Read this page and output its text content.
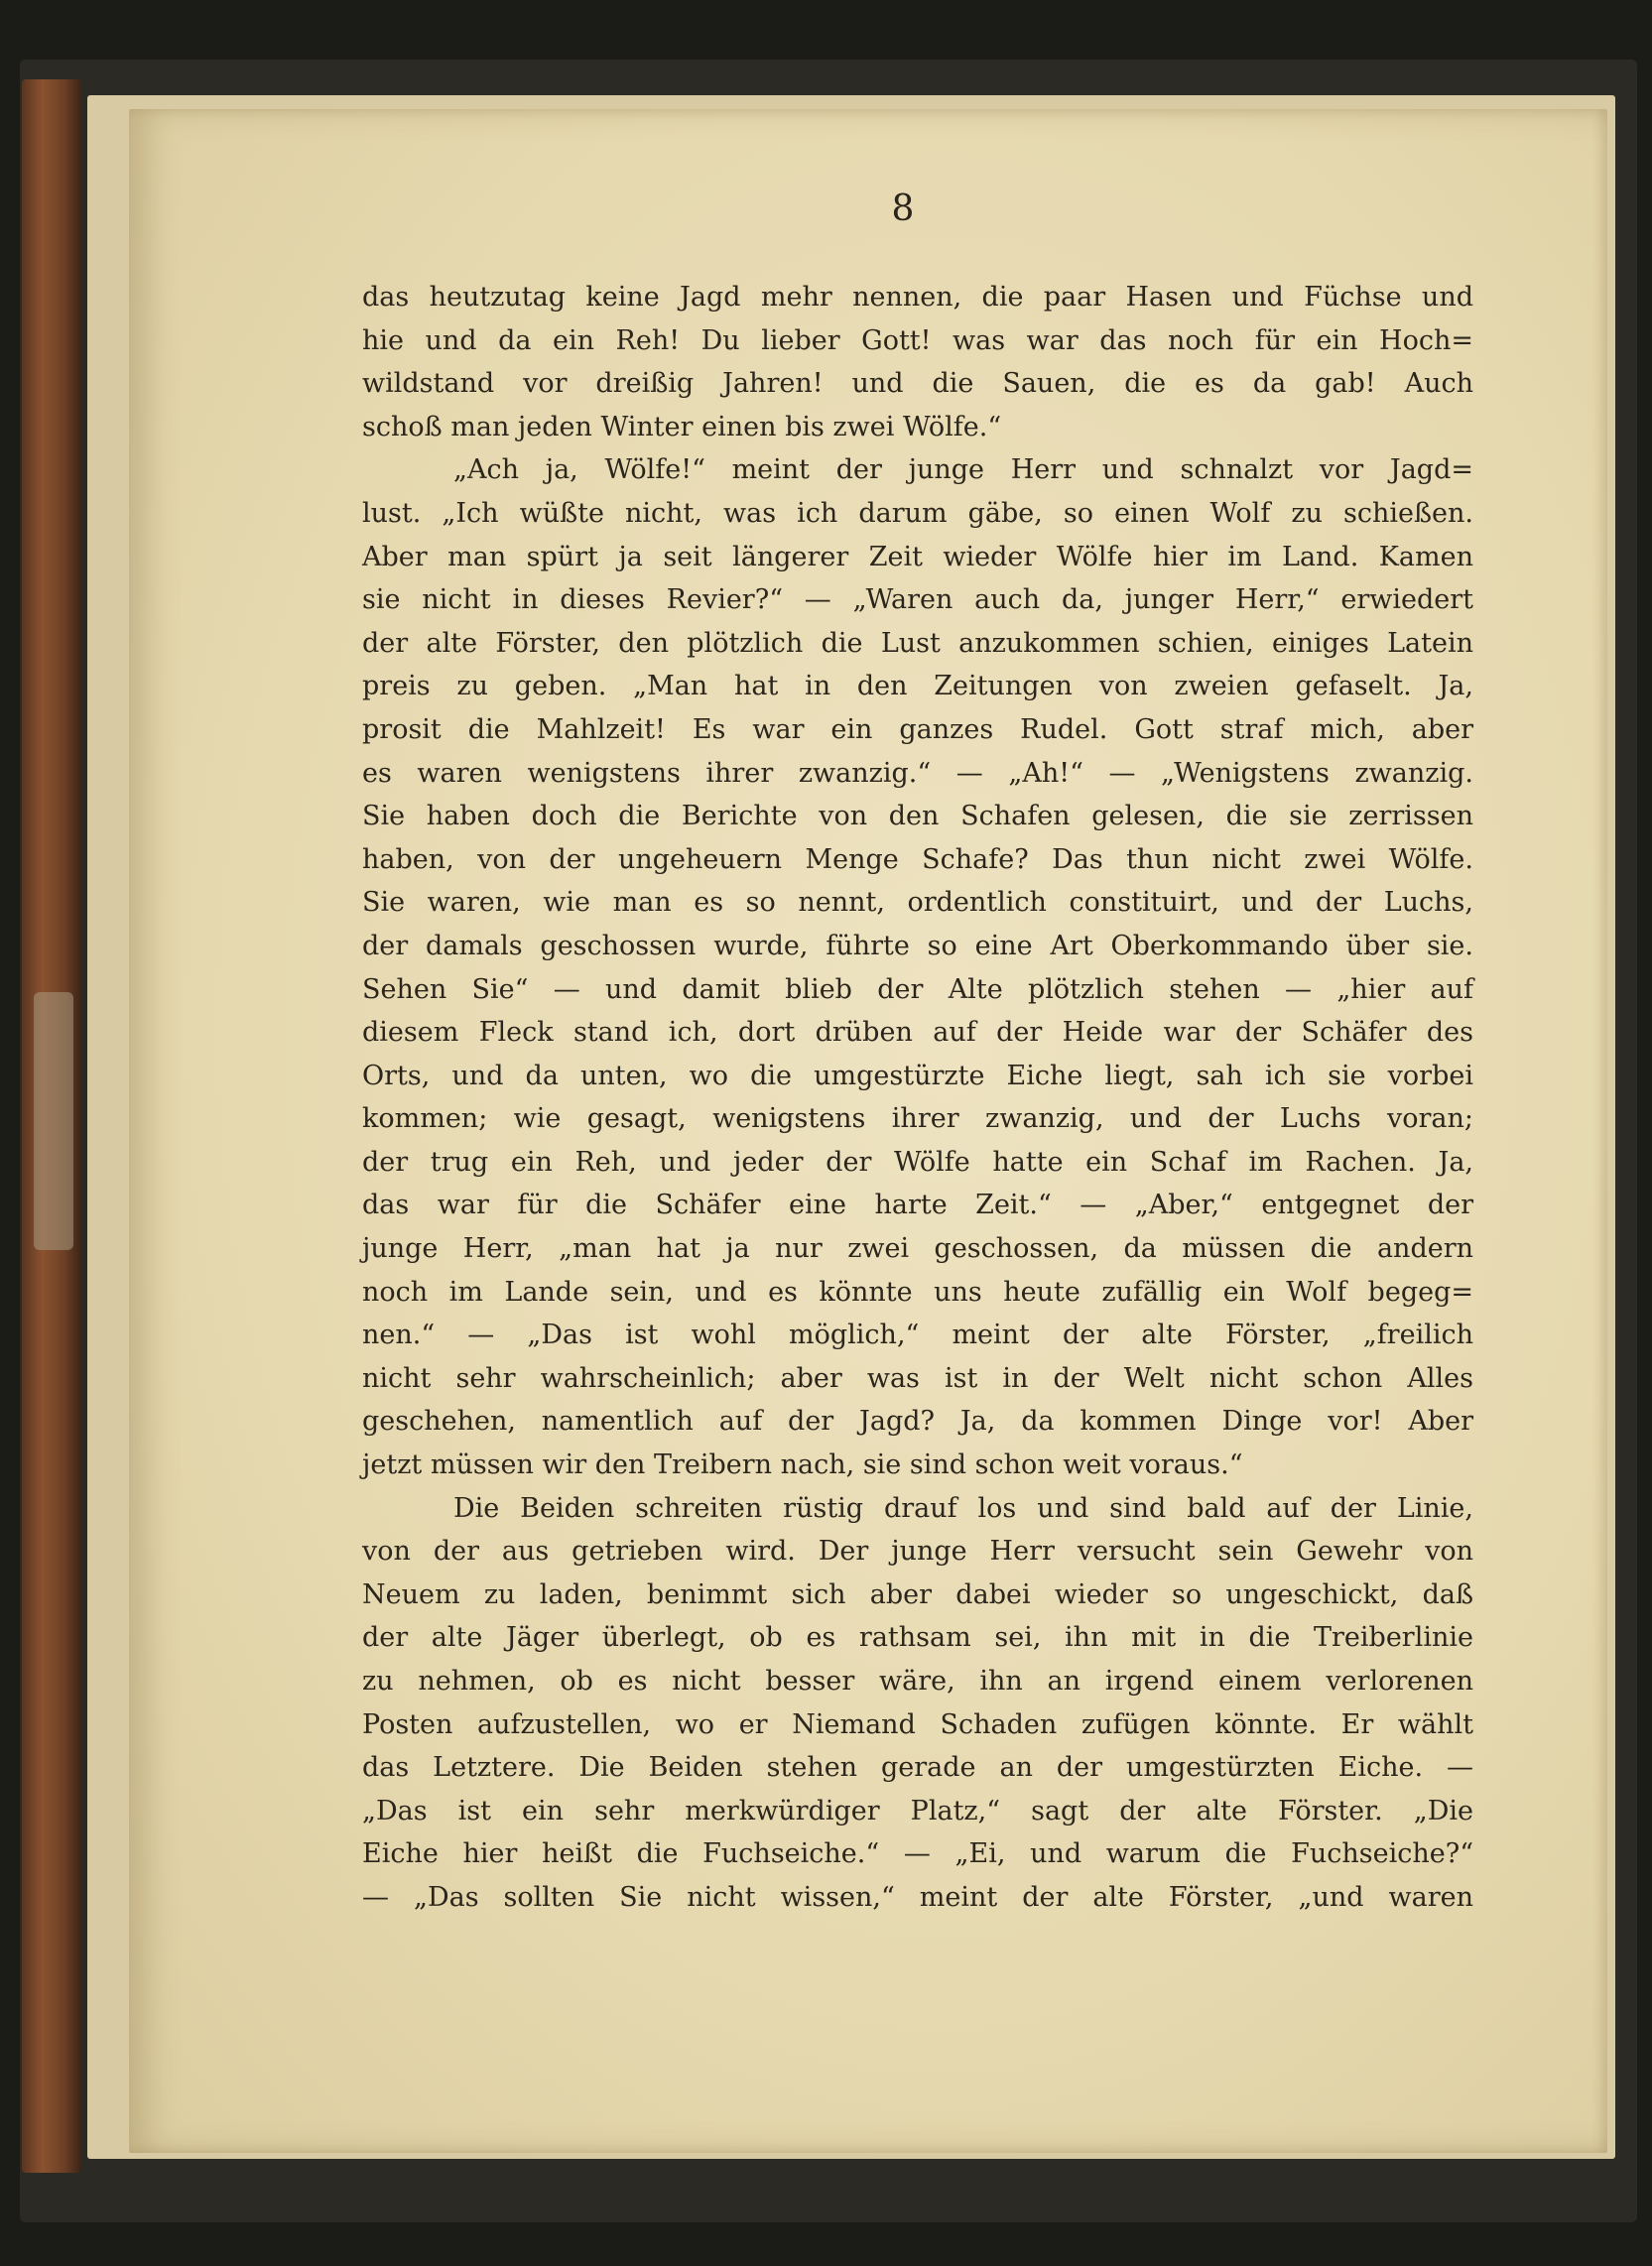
8
das heutzutag keine Jagd mehr nennen, die paar Hasen und Füchse und
hie und da ein Reh! Du lieber Gott! was war das noch für ein Hoch=
wildstand vor dreißig Jahren! und die Sauen, die es da gab! Auch
schoß man jeden Winter einen bis zwei Wölfe.“
„Ach ja, Wölfe!“ meint der junge Herr und schnalzt vor Jagd=
lust. „Ich wüßte nicht, was ich darum gäbe, so einen Wolf zu schießen.
Aber man spürt ja seit längerer Zeit wieder Wölfe hier im Land. Kamen
sie nicht in dieses Revier?“ — „Waren auch da, junger Herr,“ erwiedert
der alte Förster, den plötzlich die Lust anzukommen schien, einiges Latein
preis zu geben. „Man hat in den Zeitungen von zweien gefaselt. Ja,
prosit die Mahlzeit! Es war ein ganzes Rudel. Gott straf mich, aber
es waren wenigstens ihrer zwanzig.“ — „Ah!“ — „Wenigstens zwanzig.
Sie haben doch die Berichte von den Schafen gelesen, die sie zerrissen
haben, von der ungeheuern Menge Schafe? Das thun nicht zwei Wölfe.
Sie waren, wie man es so nennt, ordentlich constituirt, und der Luchs,
der damals geschossen wurde, führte so eine Art Oberkommando über sie.
Sehen Sie“ — und damit blieb der Alte plötzlich stehen — „hier auf
diesem Fleck stand ich, dort drüben auf der Heide war der Schäfer des
Orts, und da unten, wo die umgestürzte Eiche liegt, sah ich sie vorbei
kommen; wie gesagt, wenigstens ihrer zwanzig, und der Luchs voran;
der trug ein Reh, und jeder der Wölfe hatte ein Schaf im Rachen. Ja,
das war für die Schäfer eine harte Zeit.“ — „Aber,“ entgegnet der
junge Herr, „man hat ja nur zwei geschossen, da müssen die andern
noch im Lande sein, und es könnte uns heute zufällig ein Wolf begeg=
nen.“ — „Das ist wohl möglich,“ meint der alte Förster, „freilich
nicht sehr wahrscheinlich; aber was ist in der Welt nicht schon Alles
geschehen, namentlich auf der Jagd? Ja, da kommen Dinge vor! Aber
jetzt müssen wir den Treibern nach, sie sind schon weit voraus.“
Die Beiden schreiten rüstig drauf los und sind bald auf der Linie,
von der aus getrieben wird. Der junge Herr versucht sein Gewehr von
Neuem zu laden, benimmt sich aber dabei wieder so ungeschickt, daß
der alte Jäger überlegt, ob es rathsam sei, ihn mit in die Treiberlinie
zu nehmen, ob es nicht besser wäre, ihn an irgend einem verlorenen
Posten aufzustellen, wo er Niemand Schaden zufügen könnte. Er wählt
das Letztere. Die Beiden stehen gerade an der umgestürzten Eiche. —
„Das ist ein sehr merkwürdiger Platz,“ sagt der alte Förster. „Die
Eiche hier heißt die Fuchseiche.“ — „Ei, und warum die Fuchseiche?“
— „Das sollten Sie nicht wissen,“ meint der alte Förster, „und waren
